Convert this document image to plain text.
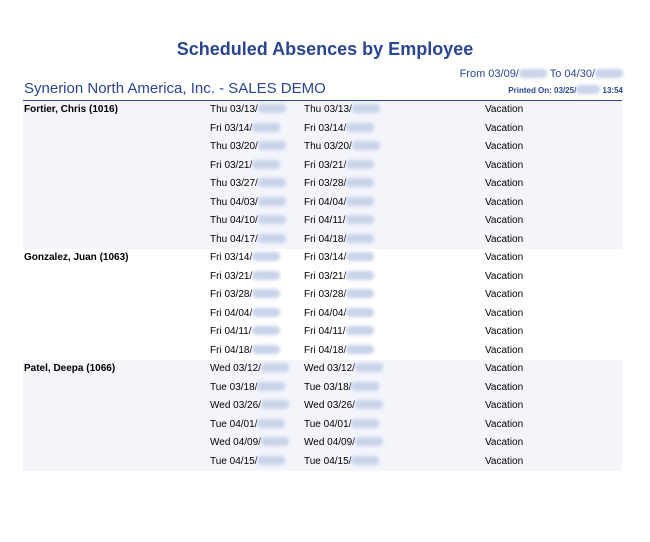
Scheduled Absences by Employee
From 03/09/	To 04/30/
Synerion North America, Inc. - SALES DEMO	Printed On: 03/25/	13:54
Fortier, Chris (1016)	Thu 03/13/	Thu 03/13/	Vacation
Fri 03/14/	Fri 03/14/	Vacation
Thu 03/20/	Thu 03/20/	Vacation
Fri 03/21/	Fri 03/21/	Vacation
Thu 03/27/	Fri 03/28/	Vacation
Thu 04/03/	Fri 04/04/	Vacation
Thu 04/10/	Fri 04/11/	Vacation
Thu 04/17/	Fri 04/18/	Vacation
Gonzalez, Juan (1063)	Fri 03/14/	Fri 03/14/	Vacation
Fri 03/21/	Fri 03/21/	Vacation
Fri 03/28/	Fri 03/28/	Vacation
Fri 04/04/	Fri 04/04/	Vacation
Fri 04/11/	Fri 04/11/	Vacation
Fri 04/18/	Fri 04/18/	Vacation
Patel, Deepa (1066)	Wed 03/12/	Wed 03/12/	Vacation
Tue 03/18/	Tue 03/18/	Vacation
Wed 03/26/	Wed 03/26/	Vacation
Tue 04/01/	Tue 04/01/	Vacation
Wed 04/09/	Wed 04/09/	Vacation
Tue 04/15/	Tue 04/15/	Vacation
